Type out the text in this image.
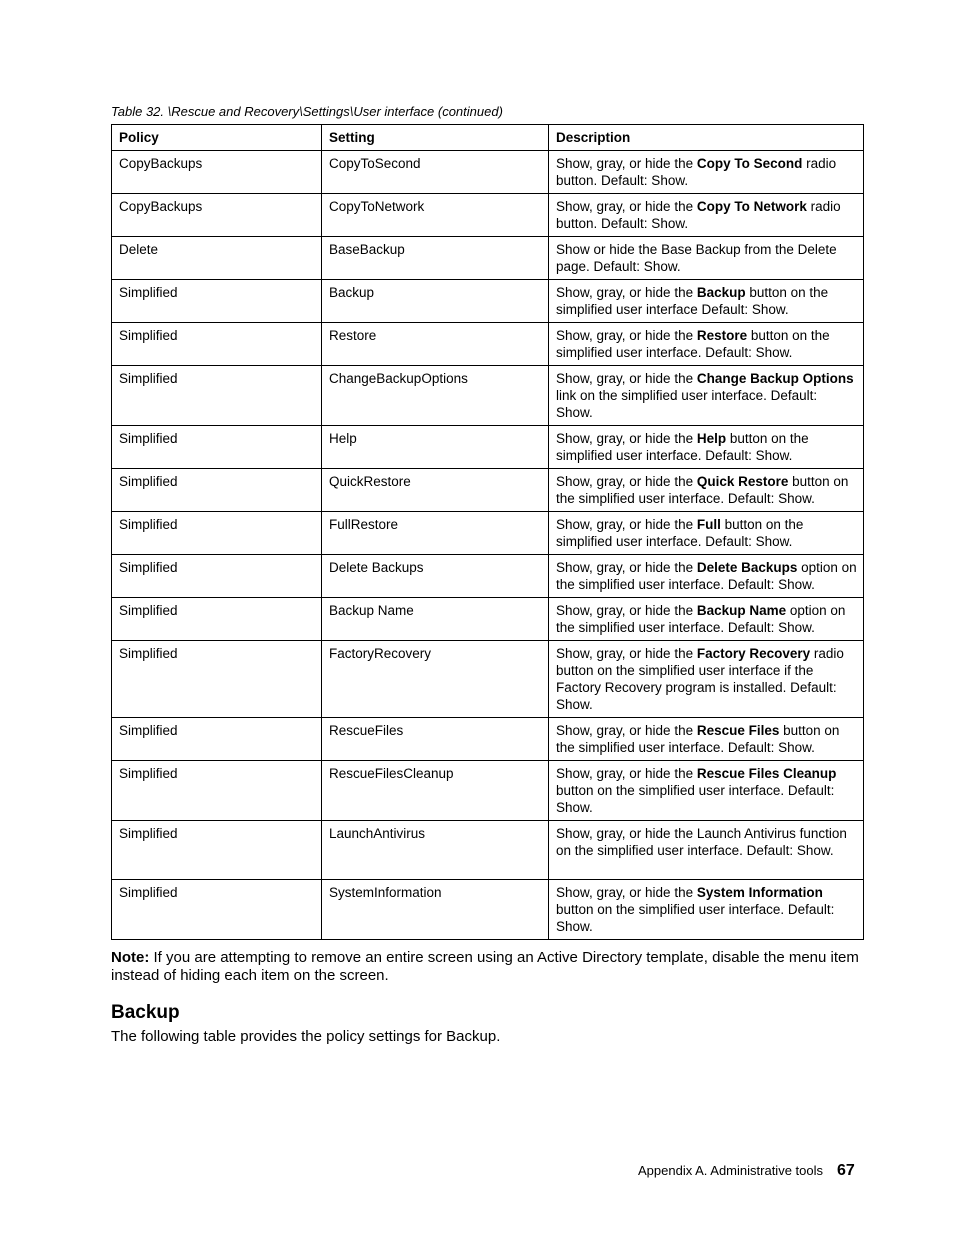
Table 32. \Rescue and Recovery\Settings\User interface (continued)
Policy	Setting	Description
CopyBackups	CopyToSecond	Show, gray, or hide the Copy To Second radio button. Default: Show.
CopyBackups	CopyToNetwork	Show, gray, or hide the Copy To Network radio button. Default: Show.
Delete	BaseBackup	Show or hide the Base Backup from the Delete page. Default: Show.
Simplified	Backup	Show, gray, or hide the Backup button on the simplified user interface Default: Show.
Simplified	Restore	Show, gray, or hide the Restore button on the simplified user interface. Default: Show.
Simplified	ChangeBackupOptions	Show, gray, or hide the Change Backup Options link on the simplified user interface. Default: Show.
Simplified	Help	Show, gray, or hide the Help button on the simplified user interface. Default: Show.
Simplified	QuickRestore	Show, gray, or hide the Quick Restore button on the simplified user interface. Default: Show.
Simplified	FullRestore	Show, gray, or hide the Full button on the simplified user interface. Default: Show.
Simplified	Delete Backups	Show, gray, or hide the Delete Backups option on the simplified user interface. Default: Show.
Simplified	Backup Name	Show, gray, or hide the Backup Name option on the simplified user interface. Default: Show.
Simplified	FactoryRecovery	Show, gray, or hide the Factory Recovery radio button on the simplified user interface if the Factory Recovery program is installed. Default: Show.
Simplified	RescueFiles	Show, gray, or hide the Rescue Files button on the simplified user interface. Default: Show.
Simplified	RescueFilesCleanup	Show, gray, or hide the Rescue Files Cleanup button on the simplified user interface. Default: Show.
Simplified	LaunchAntivirus	Show, gray, or hide the Launch Antivirus function on the simplified user interface. Default: Show.
Simplified	SystemInformation	Show, gray, or hide the System Information button on the simplified user interface. Default: Show.
Note: If you are attempting to remove an entire screen using an Active Directory template, disable the menu item instead of hiding each item on the screen.
Backup
The following table provides the policy settings for Backup.
Appendix A. Administrative tools 67
